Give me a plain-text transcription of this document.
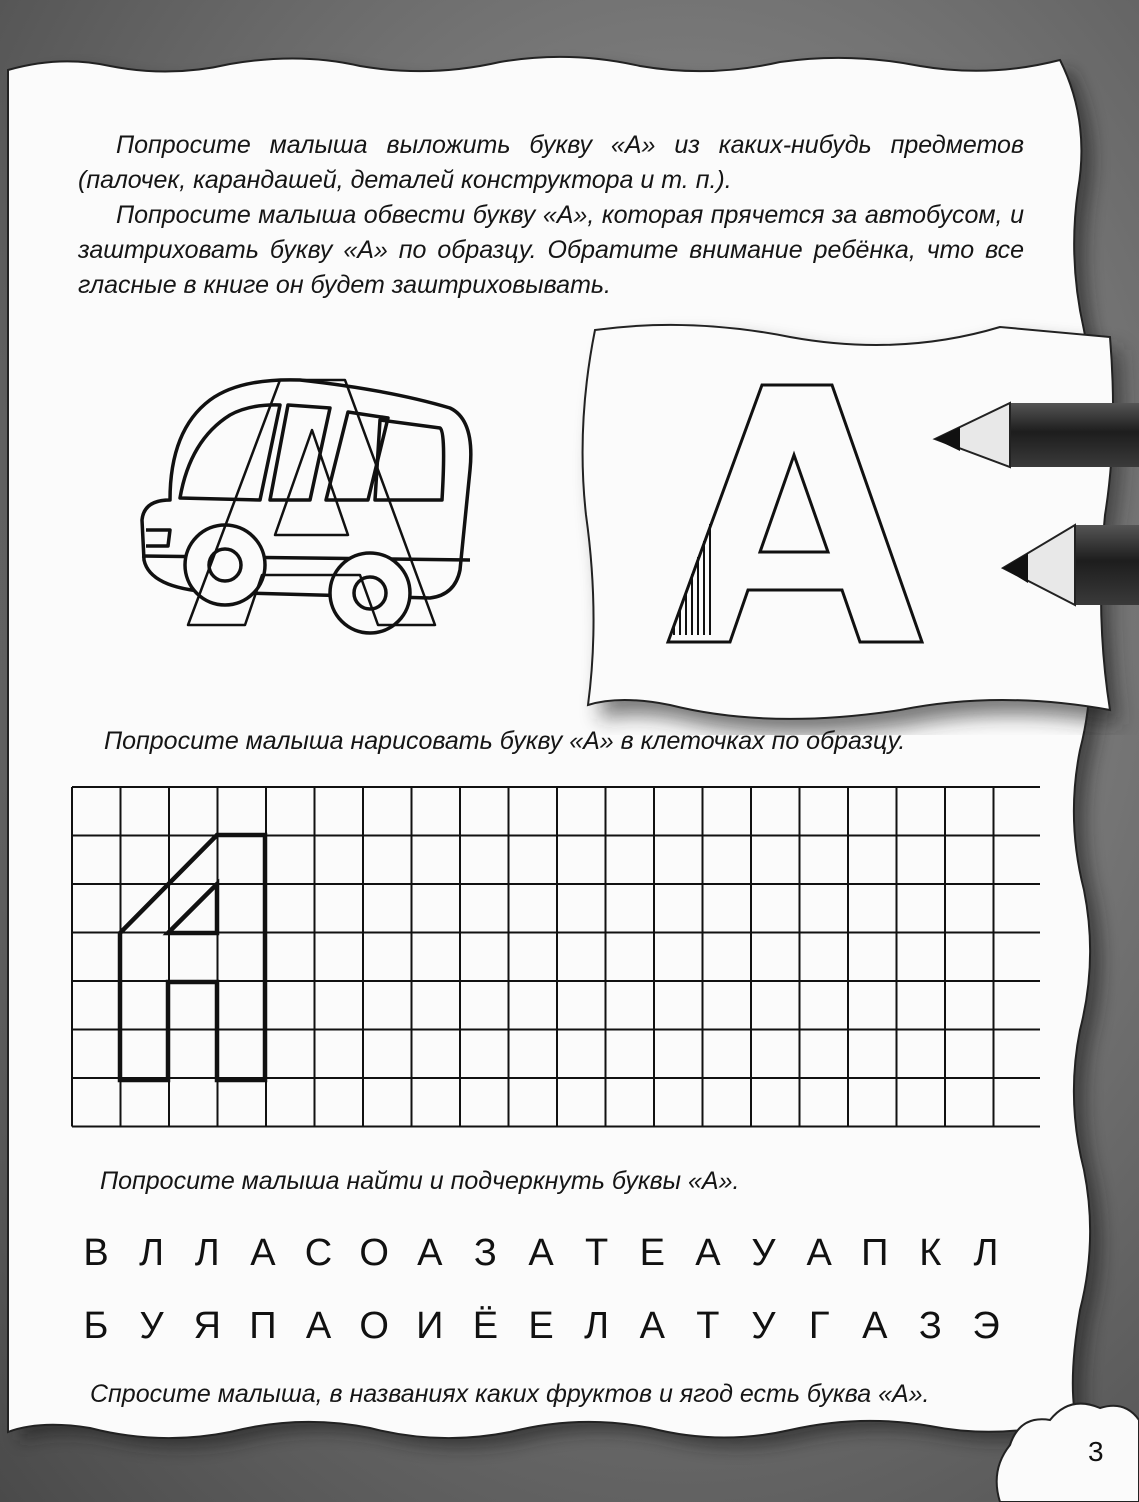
Попросите малыша выложить букву «А» из каких-нибудь предметов (палочек, карандашей, деталей конструктора и т. п.).

Попросите малыша обвести букву «А», которая прячется за автобусом, и заштриховать букву «А» по образцу. Обратите внимание ребёнка, что все гласные в книге он будет заштриховывать.

Попросите малыша нарисовать букву «А» в клеточках по образцу.
Попросите малыша найти и подчеркнуть буквы «А».
В Л Л А С О А З А Т Е А У А П К Л
Б У Я П А О И Ё Е Л А Т У Г А З Э
Спросите малыша, в названиях каких фруктов и ягод есть буква «А».
3
